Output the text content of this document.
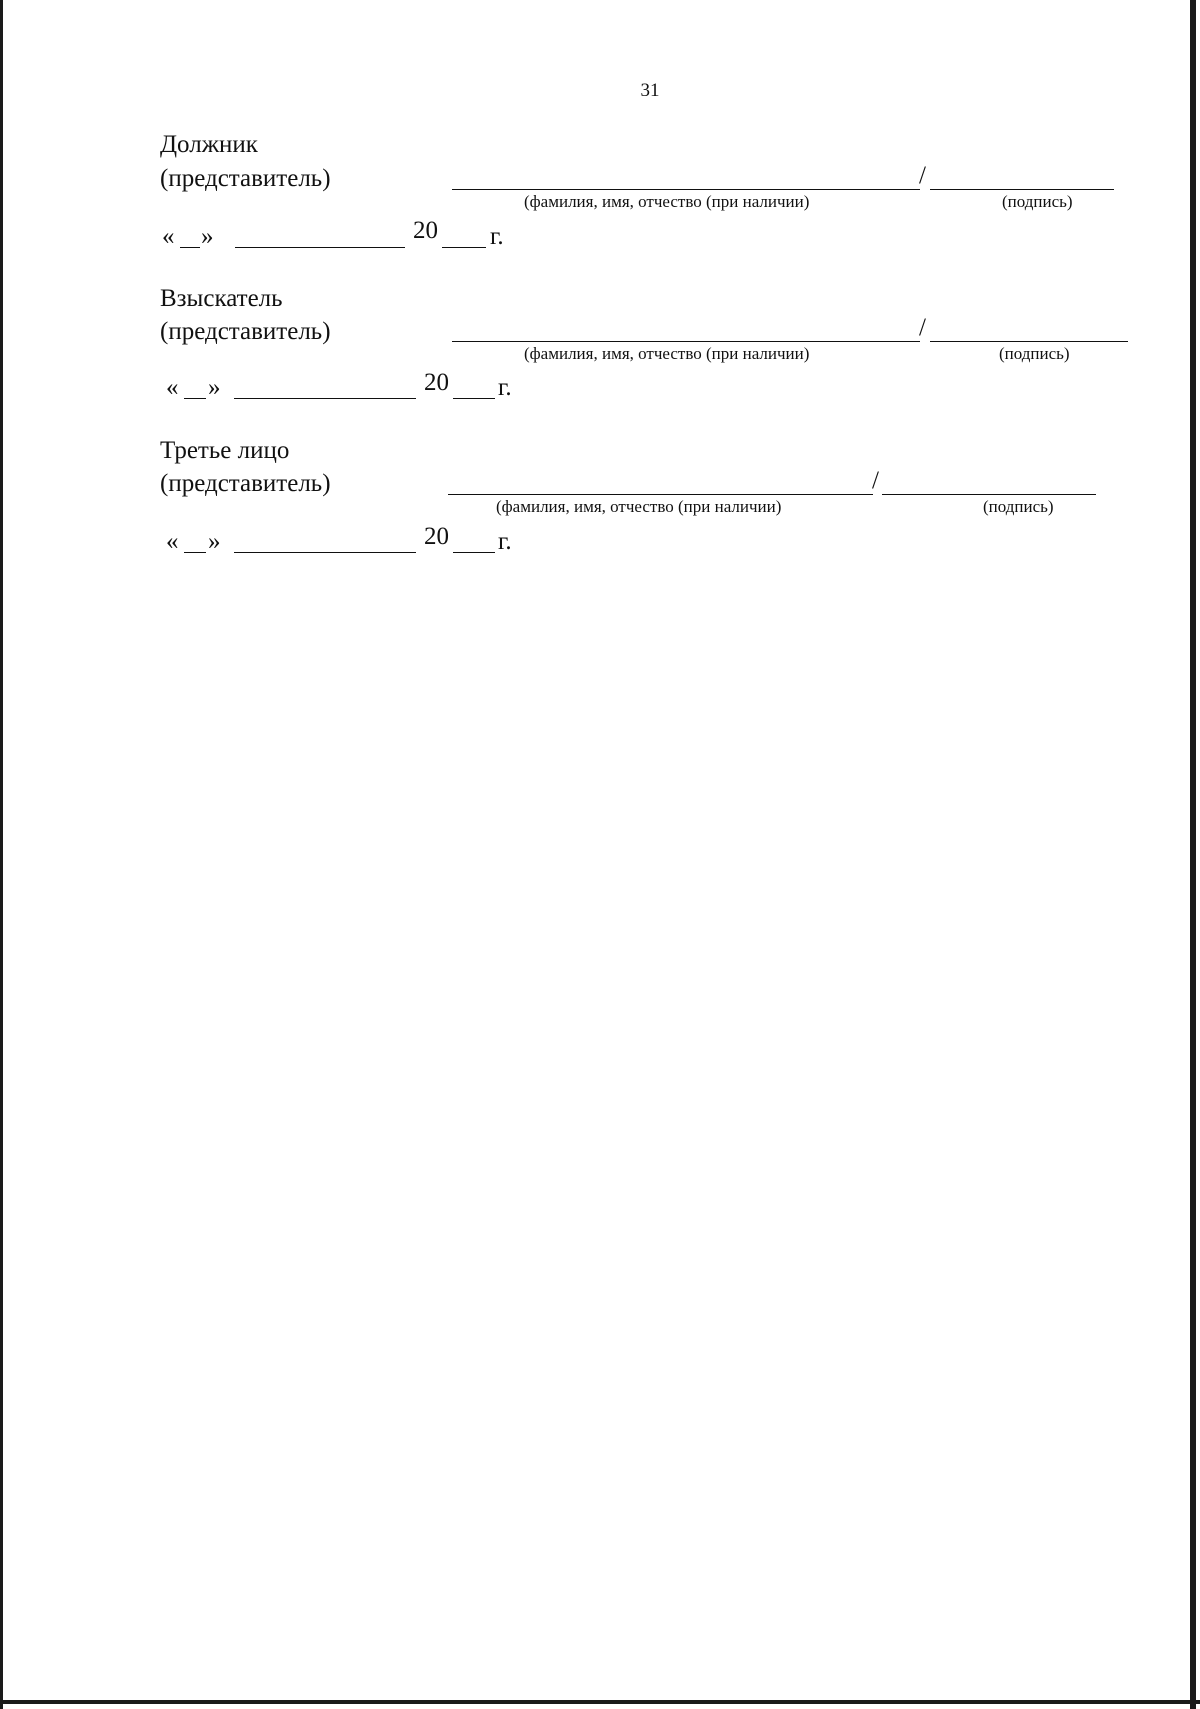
31
Должник
(представитель)	/
(фамилия, имя, отчество (при наличии)	(подпись)
« »	20 г.
Взыскатель
(представитель)	/
(фамилия, имя, отчество (при наличии)	(подпись)
« »	20 г.
Третье лицо
(представитель)	/
(фамилия, имя, отчество (при наличии)	(подпись)
« »	20 г.
